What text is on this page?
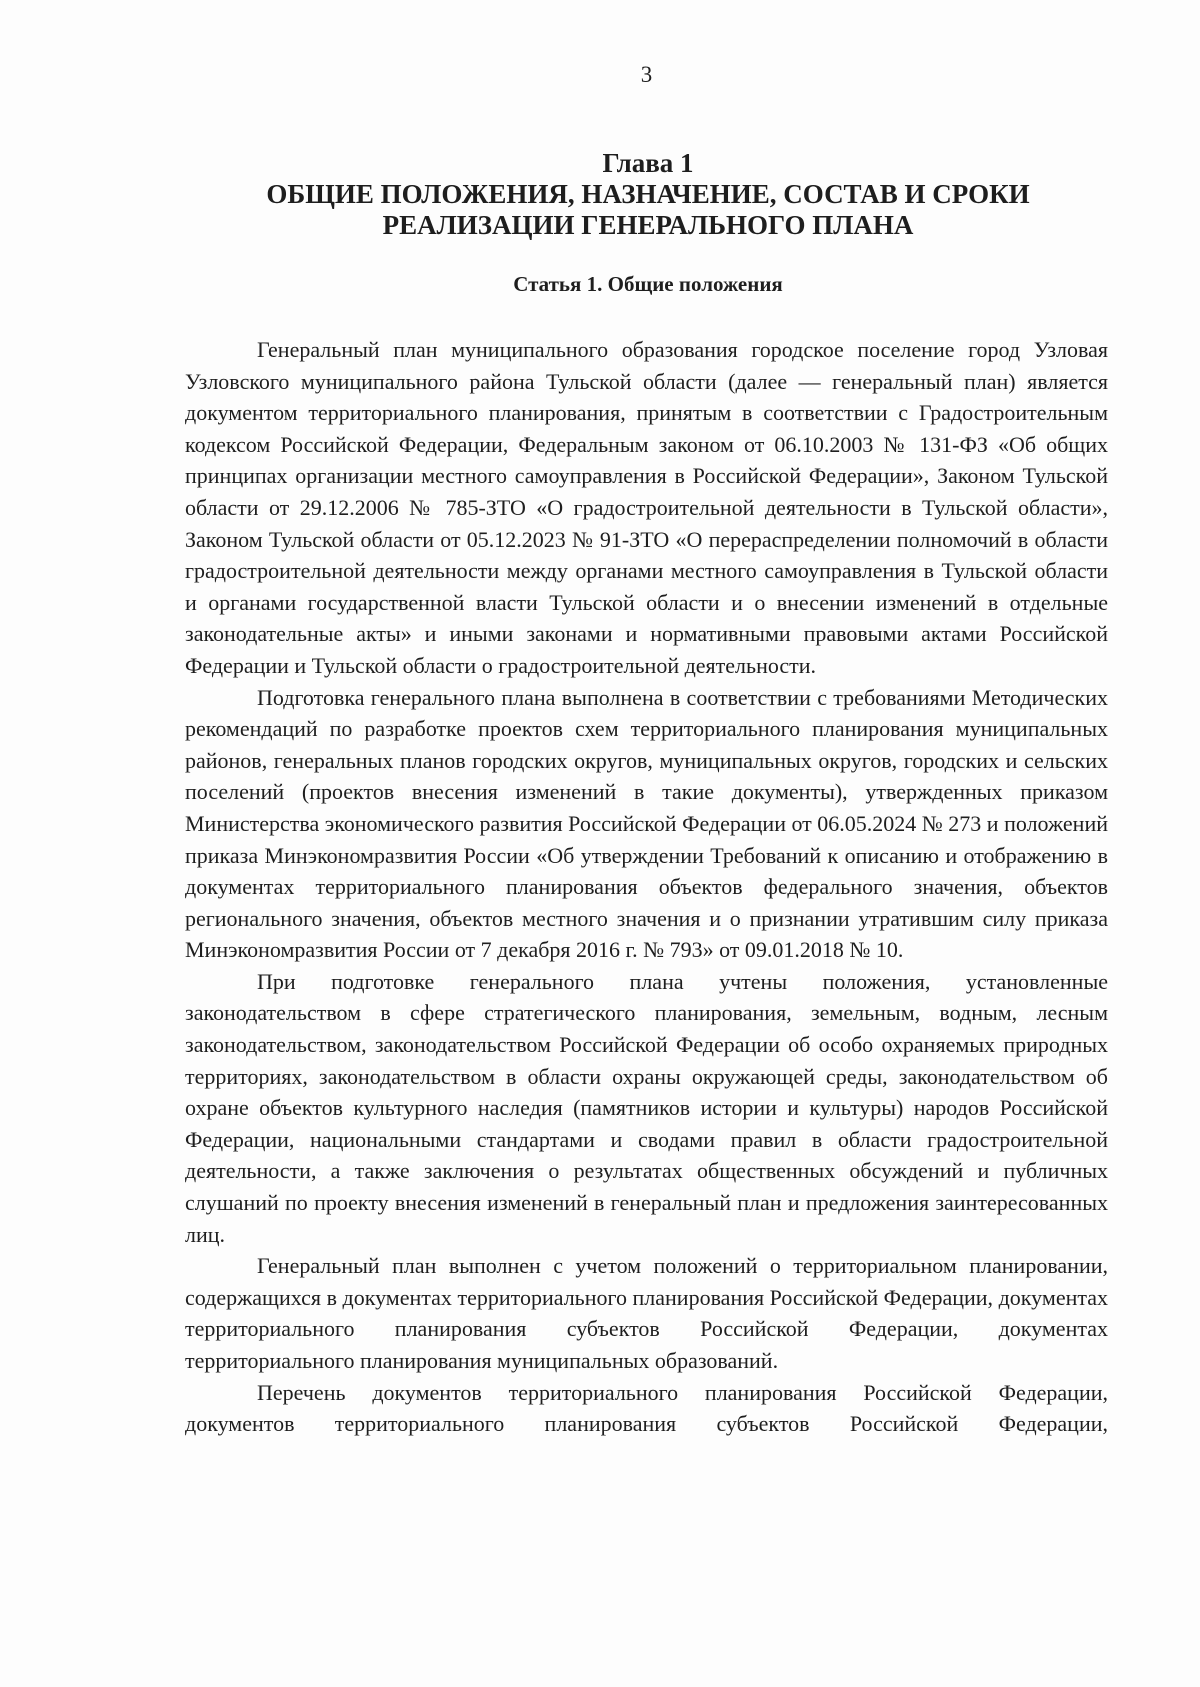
3
Глава 1
ОБЩИЕ ПОЛОЖЕНИЯ, НАЗНАЧЕНИЕ, СОСТАВ И СРОКИ РЕАЛИЗАЦИИ ГЕНЕРАЛЬНОГО ПЛАНА
Статья 1. Общие положения

Генеральный план муниципального образования городское поселение город Узловая Узловского муниципального района Тульской области (далее — генеральный план) является документом территориального планирования, принятым в соответствии с Градостроительным кодексом Российской Федерации, Федеральным законом от 06.10.2003 № 131-ФЗ «Об общих принципах организации местного самоуправления в Российской Федерации», Законом Тульской области от 29.12.2006 № 785-ЗТО «О градостроительной деятельности в Тульской области», Законом Тульской области от 05.12.2023 № 91-ЗТО «О перераспределении полномочий в области градостроительной деятельности между органами местного самоуправления в Тульской области и органами государственной власти Тульской области и о внесении изменений в отдельные законодательные акты» и иными законами и нормативными правовыми актами Российской Федерации и Тульской области о градостроительной деятельности.

Подготовка генерального плана выполнена в соответствии с требованиями Методических рекомендаций по разработке проектов схем территориального планирования муниципальных районов, генеральных планов городских округов, муниципальных округов, городских и сельских поселений (проектов внесения изменений в такие документы), утвержденных приказом Министерства экономического развития Российской Федерации от 06.05.2024 № 273 и положений приказа Минэкономразвития России «Об утверждении Требований к описанию и отображению в документах территориального планирования объектов федерального значения, объектов регионального значения, объектов местного значения и о признании утратившим силу приказа Минэкономразвития России от 7 декабря 2016 г. № 793» от 09.01.2018 № 10.

При подготовке генерального плана учтены положения, установленные законодательством в сфере стратегического планирования, земельным, водным, лесным законодательством, законодательством Российской Федерации об особо охраняемых природных территориях, законодательством в области охраны окружающей среды, законодательством об охране объектов культурного наследия (памятников истории и культуры) народов Российской Федерации, национальными стандартами и сводами правил в области градостроительной деятельности, а также заключения о результатах общественных обсуждений и публичных слушаний по проекту внесения изменений в генеральный план и предложения заинтересованных лиц.

Генеральный план выполнен с учетом положений о территориальном планировании, содержащихся в документах территориального планирования Российской Федерации, документах территориального планирования субъектов Российской Федерации, документах территориального планирования муниципальных образований.

Перечень документов территориального планирования Российской Федерации, документов территориального планирования субъектов Российской Федерации,
